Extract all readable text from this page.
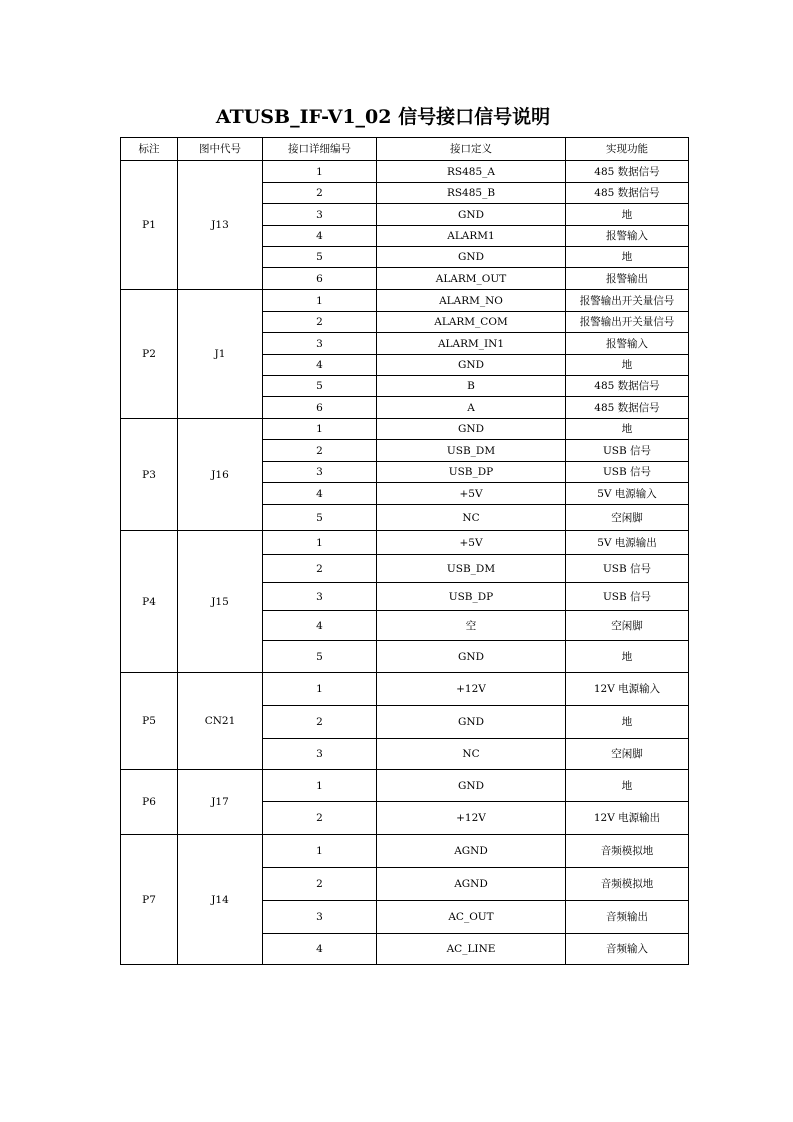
ATUSB_IF-V1_02 信号接口信号说明
标注	图中代号	接口详细编号	接口定义	实现功能
P1	J13	1	RS485_A	485 数据信号
		2	RS485_B	485 数据信号
		3	GND	地
		4	ALARM1	报警输入
		5	GND	地
		6	ALARM_OUT	报警输出
P2	J1	1	ALARM_NO	报警输出开关量信号
		2	ALARM_COM	报警输出开关量信号
		3	ALARM_IN1	报警输入
		4	GND	地
		5	B	485 数据信号
		6	A	485 数据信号
P3	J16	1	GND	地
		2	USB_DM	USB 信号
		3	USB_DP	USB 信号
		4	+5V	5V 电源输入
		5	NC	空闲脚
P4	J15	1	+5V	5V 电源输出
		2	USB_DM	USB 信号
		3	USB_DP	USB 信号
		4	空	空闲脚
		5	GND	地
P5	CN21	1	+12V	12V 电源输入
		2	GND	地
		3	NC	空闲脚
P6	J17	1	GND	地
		2	+12V	12V 电源输出
P7	J14	1	AGND	音频模拟地
		2	AGND	音频模拟地
		3	AC_OUT	音频输出
		4	AC_LINE	音频输入
